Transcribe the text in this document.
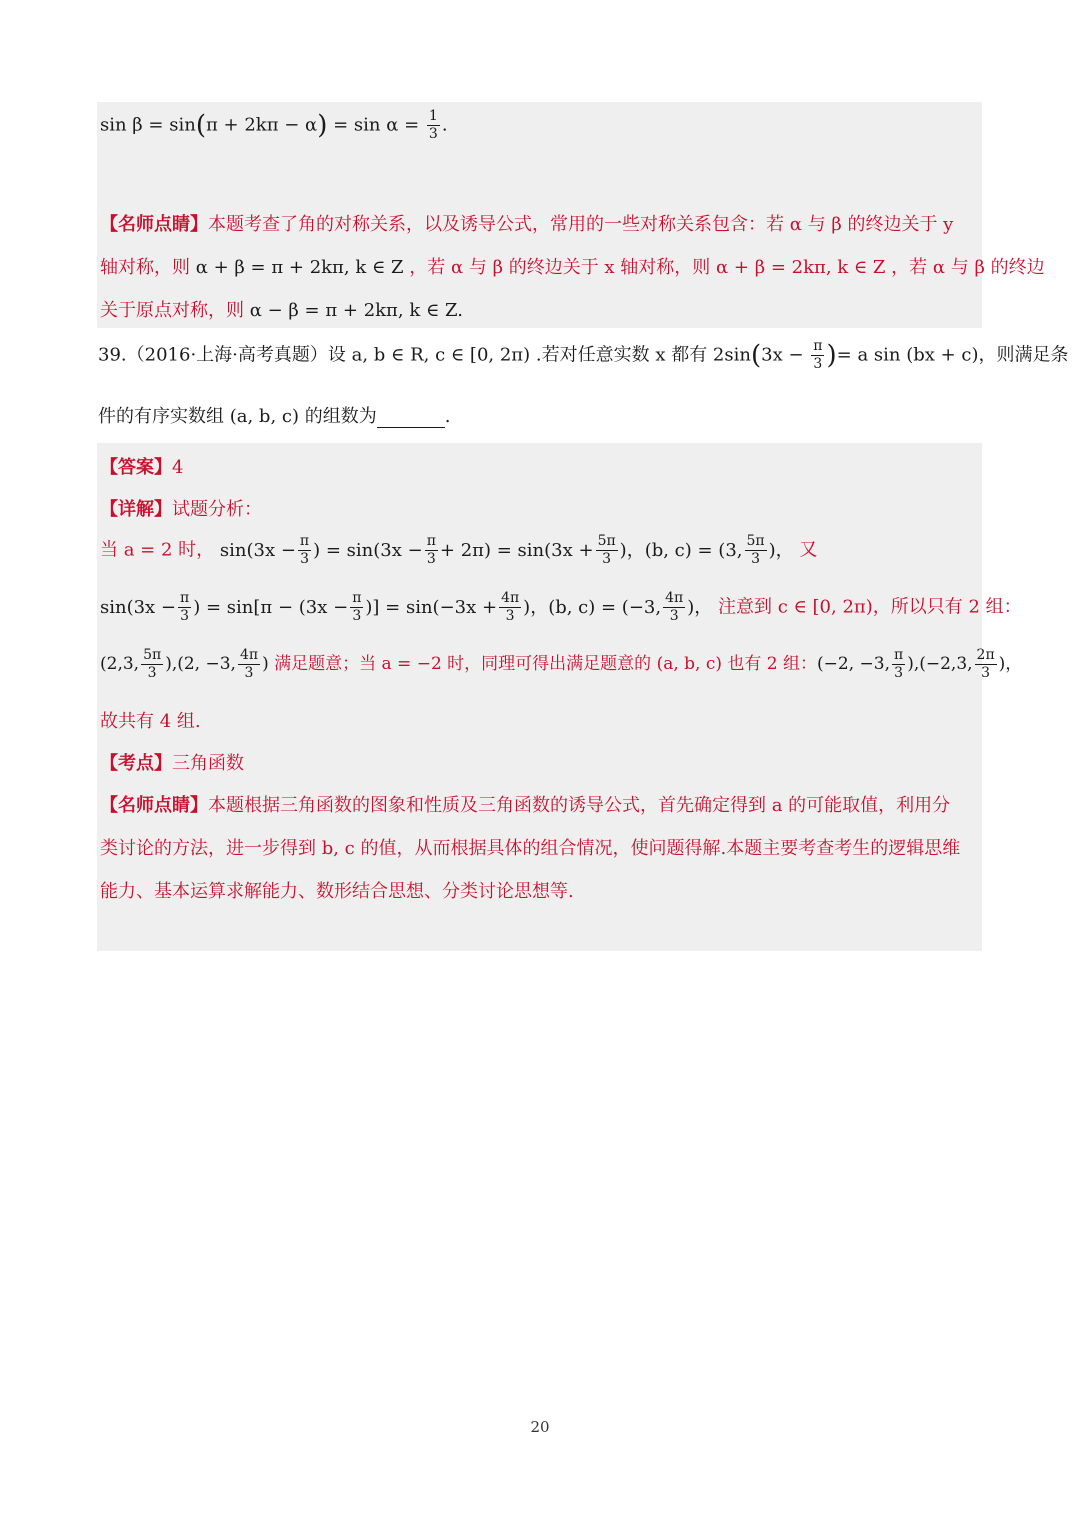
$\sin \beta = \sin(\pi + 2k\pi - \alpha) = \sin \alpha = \frac{1}{3}$ .
【名师点睛】本题考查了角的对称关系，以及诱导公式，常用的一些对称关系包含：若 α 与 β 的终边关于 y
轴对称，则 α + β = π + 2kπ, k ∈ Z ，若 α 与 β 的终边关于 x 轴对称，则 α + β = 2kπ, k ∈ Z ，若 α 与 β 的终边
关于原点对称，则 α − β = π + 2kπ, k ∈ Z.
39.（2016·上海·高考真题）设 a, b ∈ R, c ∈ [0, 2π) .若对任意实数 x 都有 $2\sin(3x - \frac{\pi}{3}$ )= a sin (bx + c)，则满足条
件的有序实数组 (a, b, c) 的组数为	.
【答案】4
【详解】试题分析：
当 a = 2 时， $\sin(3x - \frac{\pi}{3}$ ) = $\sin(3x - \frac{\pi}{3} + 2\pi) = \sin(3x + \frac{5\pi}{3}$ )，(b, c) = (3, $\frac{5\pi}{3}$ )， 又
$\sin(3x - \frac{\pi}{3}$ ) = $\sin[\pi - (3x - \frac{\pi}{3}$ )] = $\sin(-3x + \frac{4\pi}{3}$ )，(b, c) = (−3, $\frac{4\pi}{3}$ )， 注意到 c ∈ [0, 2π)，所以只有 2 组：
(2,3, $\frac{5\pi}{3} ),(2$, −3, $\frac{4\pi}{3}$ ) 满足题意；当 a = −2 时，同理可得出满足题意的 (a, b, c) 也有 2 组：(−2, −3, $\frac{\pi}{3} ),(-2,3$, $\frac{2\pi}{3}$ )，
故共有 4 组.
【考点】三角函数
【名师点睛】本题根据三角函数的图象和性质及三角函数的诱导公式，首先确定得到 a 的可能取值，利用分
类讨论的方法，进一步得到 b, c 的值，从而根据具体的组合情况，使问题得解.本题主要考查考生的逻辑思维
能力、基本运算求解能力、数形结合思想、分类讨论思想等.
20
